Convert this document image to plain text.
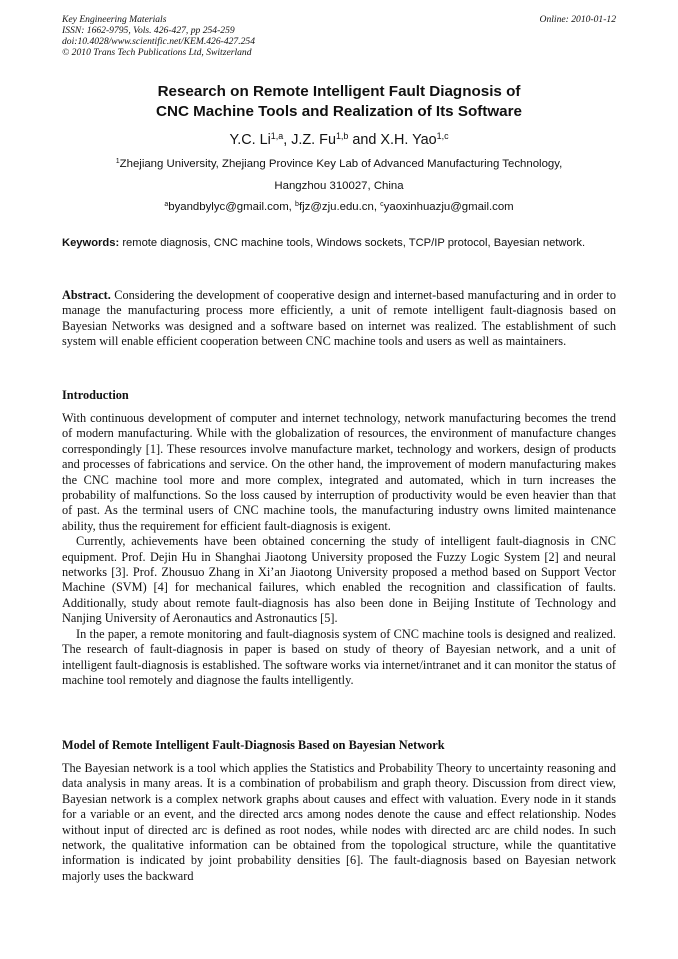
Key Engineering Materials
ISSN: 1662-9795, Vols. 426-427, pp 254-259
doi:10.4028/www.scientific.net/KEM.426-427.254
© 2010 Trans Tech Publications Ltd, Switzerland
Online: 2010-01-12
Research on Remote Intelligent Fault Diagnosis of
CNC Machine Tools and Realization of Its Software
Y.C. Li$^{1,a}$, J.Z. Fu$^{1,b}$ and X.H. Yao$^{1,c}$
$^1$Zhejiang University, Zhejiang Province Key Lab of Advanced Manufacturing Technology,
Hangzhou 310027, China
$^a$byandbylyc@gmail.com, $^b$fjz@zju.edu.cn, $^c$yaoxinhuazju@gmail.com
Keywords: remote diagnosis, CNC machine tools, Windows sockets, TCP/IP protocol, Bayesian network.
Abstract. Considering the development of cooperative design and internet-based manufacturing and in order to manage the manufacturing process more efficiently, a unit of remote intelligent fault-diagnosis based on Bayesian Networks was designed and a software based on internet was realized. The establishment of such system will enable efficient cooperation between CNC machine tools and users as well as maintainers.
Introduction

With continuous development of computer and internet technology, network manufacturing becomes the trend of modern manufacturing. While with the globalization of resources, the environment of manufacture changes correspondingly [1]. These resources involve manufacture market, technology and workers, design of products and processes of fabrications and service. On the other hand, the improvement of modern manufacturing makes the CNC machine tool more and more complex, integrated and automated, which in turn increases the probability of malfunctions. So the loss caused by interruption of productivity would be even heavier than that of past. As the terminal users of CNC machine tools, the manufacturing industry owns limited maintenance ability, thus the requirement for efficient fault-diagnosis is exigent.

Currently, achievements have been obtained concerning the study of intelligent fault-diagnosis in CNC equipment. Prof. Dejin Hu in Shanghai Jiaotong University proposed the Fuzzy Logic System [2] and neural networks [3]. Prof. Zhousuo Zhang in Xi’an Jiaotong University proposed a method based on Support Vector Machine (SVM) [4] for mechanical failures, which enabled the recognition and classification of faults. Additionally, study about remote fault-diagnosis has also been done in Beijing Institute of Technology and Nanjing University of Aeronautics and Astronautics [5].

In the paper, a remote monitoring and fault-diagnosis system of CNC machine tools is designed and realized. The research of fault-diagnosis in paper is based on study of theory of Bayesian network, and a unit of intelligent fault-diagnosis is established. The software works via internet/intranet and it can monitor the status of machine tool remotely and diagnose the faults intelligently.

Model of Remote Intelligent Fault-Diagnosis Based on Bayesian Network

The Bayesian network is a tool which applies the Statistics and Probability Theory to uncertainty reasoning and data analysis in many areas. It is a combination of probabilism and graph theory. Discussion from direct view, Bayesian network is a complex network graphs about causes and effect with valuation. Every node in it stands for a variable or an event, and the directed arcs among nodes denote the cause and effect relationship. Nodes without input of directed arc is defined as root nodes, while nodes with directed arc are child nodes. In such network, the qualitative information can be obtained from the topological structure, while the quantitative information is indicated by joint probability densities [6]. The fault-diagnosis based on Bayesian network majorly uses the backward
